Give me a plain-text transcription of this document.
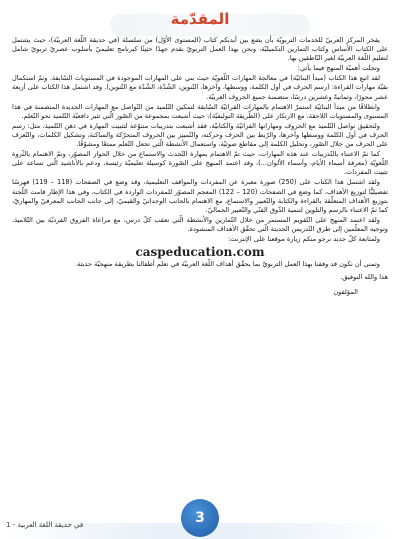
المقدّمة

يفخر المركز العربيّ للخدمات التربويّة بأن يضع بين أيديكم كتاب (المستوى الأوّل) من سلسلة (في حديقة اللّغة العربيّة)، حيث يشتمل على الكتاب الأساس وكتاب التمارين التكميليّة، ونحن بهذا العمل التربويّ نقدم جهدًا حثيثًا كبرنامج تعليميّ بأسلوب عصريّ تربويّ شامل لتعليم اللّغة العربيّة لغير النّاطقين بها.

وتجلت أهميّة المنهج فيما يأتي:

لقد اتبع هذا الكتاب (مبدأ البنائيّة) في معالجة المهارات اللّغويّة حيث بني على المهارات الموجودة في المستويات السّابقة. وتمّ استكمال بقيّة مهارات القراءة: (رسم الحرف في أول الكلمة، ووسطها، وآخرها، التّنوين، الشّدّة، الشّدّة مع التّنوين). وقد اشتمل هذا الكتاب على أربعة عشر محورًا، وثمانيةً وعشرين درسًا، متضمنة جميع الحروف العربيّة.

وانطلاقًا من مبدأ البنائيّة استمرّ الاهتمام بالمهارات القرائيّة السّابقة لتمكين التّلميذ من التّواصل مع المهارات الجديدة المتضمنة في هذا المستوى والمستويات اللاحقة، مع الارتكاز على (الطّريقة التوليفيّة)، حيث أشبعت بمجموعة من الصّور الّتي تثير دافعيّة التّلميذ نحو التّعلم.

ولتحقيق تواصل التّلميذ مع الحروف ومهاراتها القرائيّة والكتابيّة، فقد أشبعت بتدريبات متنوّعة لتثبيت المهارة في ذهن التّلميذ، مثل: رسم الحرف في أول الكلمة ووسطها وآخرها، والرّبط بين الحرف وحركته، والتّمييز بين الحروف المتحرّكة والساكنة، وتشكيل الكلمات، والتّعرف على الحرف من خلال الصّور، وتحليل الكلمة إلى مقاطع صوتيّة، واستعمال الأنشطة الّتي تجعل التّعلم ممتعًا ومشوّقًا.

كما تمّ الاعتناء بالتّدريبات عند هذه المهارات، حيث تمّ الاهتمام بمهارة التّحدث والاستماع من خلال الحوار المصوّر، وتمّ الاهتمام بالثّروة اللّغويّة (معرفة أسماء الأيام، وأسماء الألوان...)، وقد اعتمد المنهج على الصّورة كوسيلة تعليميّة رئيسة، ودعم بالأناشيد الّتي تساعد على تثبيت المفردات.

ولقد اشتمل هذا الكتاب على (250) صورة معبرة عن المفردات والمواقف التعليمية، وقد وضع في الصفحات (118 – 119) فهرسًا تفصيليًّا لتوزيع الأهداف، كما وضع في الصفحات (120 – 122) المعجم المصوّر للمفردات الواردة في الكتاب، وفي هذا الإطار قامت اللّجنة بتوزيع الأهداف المتعلّقة بالقراءة والكتابة والتّعبير والاستماع، مع الاهتمام بالجانب الوجدانيّ والقيميّ، إلى جانب الجانب المعرفيّ والمهاريّ، كما تمّ الاعتناء بالرسم والتلوين لتنمية الذّوق الفنّي والتّعبير الجماليّ.

ولقد اعتمد المنهج على التّقويم المستمر من خلال التّمارين والأنشطة الّتي تعقب كلّ درس، مع مراعاة الفروق الفرديّة بين التّلاميذ، وتوجيه المعلّمين إلى طرق التّدريس الحديثة الّتي تحقّق الأهداف المنشودة.

ولمتابعة كلّ جديد نرجو منكم زيارة موقعنا على الإنترنت:

caspeducation.com

وتمنى أن نكون قد وفقنا بهذا العمل التربويّ بما يحقّق أهداف اللّغة العربيّة في تعلم أطفالنا بطريقة منهجيّة حديثة.

هذا والله التوفيق.
المؤلفون
3
في حديقة اللغة العربية - 1
